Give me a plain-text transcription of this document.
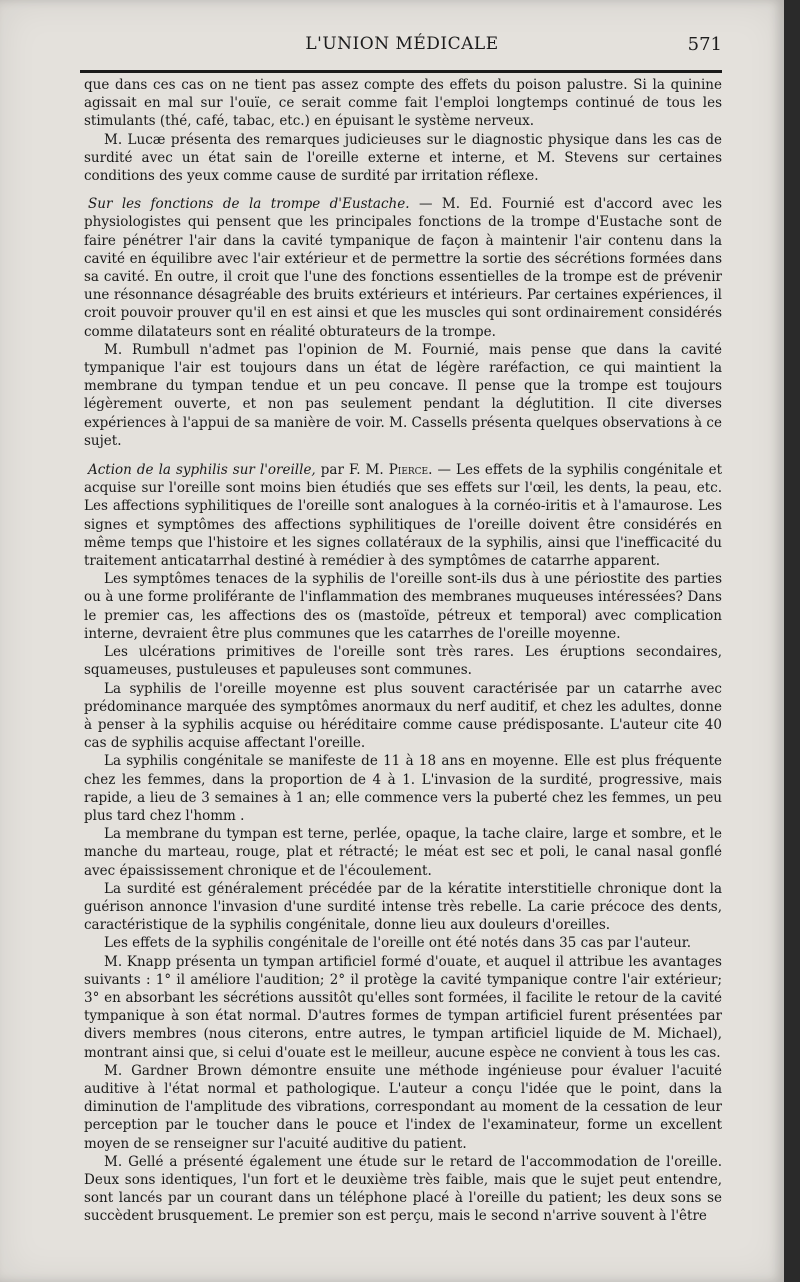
L'UNION MÉDICALE	571

que dans ces cas on ne tient pas assez compte des effets du poison palustre. Si la quinine agissait en mal sur l'ouïe, ce serait comme fait l'emploi longtemps continué de tous les stimulants (thé, café, tabac, etc.) en épuisant le système nerveux.

M. Lucæ présenta des remarques judicieuses sur le diagnostic physique dans les cas de surdité avec un état sain de l'oreille externe et interne, et M. Stevens sur certaines conditions des yeux comme cause de surdité par irritation réflexe.

Sur les fonctions de la trompe d'Eustache. — M. Ed. Fournié est d'accord avec les physiologistes qui pensent que les principales fonctions de la trompe d'Eustache sont de faire pénétrer l'air dans la cavité tympanique de façon à maintenir l'air contenu dans la cavité en équilibre avec l'air extérieur et de permettre la sortie des sécrétions formées dans sa cavité. En outre, il croit que l'une des fonctions essentielles de la trompe est de prévenir une résonnance désagréable des bruits extérieurs et intérieurs. Par certaines expériences, il croit pouvoir prouver qu'il en est ainsi et que les muscles qui sont ordinairement considérés comme dilatateurs sont en réalité obturateurs de la trompe.

M. Rumbull n'admet pas l'opinion de M. Fournié, mais pense que dans la cavité tympanique l'air est toujours dans un état de légère raréfaction, ce qui maintient la membrane du tympan tendue et un peu concave. Il pense que la trompe est toujours légèrement ouverte, et non pas seulement pendant la déglutition. Il cite diverses expériences à l'appui de sa manière de voir. M. Cassells présenta quelques observations à ce sujet.

Action de la syphilis sur l'oreille, par F. M. Pierce. — Les effets de la syphilis congénitale et acquise sur l'oreille sont moins bien étudiés que ses effets sur l'œil, les dents, la peau, etc. Les affections syphilitiques de l'oreille sont analogues à la cornéo-iritis et à l'amaurose. Les signes et symptômes des affections syphilitiques de l'oreille doivent être considérés en même temps que l'histoire et les signes collatéraux de la syphilis, ainsi que l'inefficacité du traitement anticatarrhal destiné à remédier à des symptômes de catarrhe apparent.

Les symptômes tenaces de la syphilis de l'oreille sont-ils dus à une périostite des parties ou à une forme proliférante de l'inflammation des membranes muqueuses intéressées? Dans le premier cas, les affections des os (mastoïde, pétreux et temporal) avec complication interne, devraient être plus communes que les catarrhes de l'oreille moyenne.

Les ulcérations primitives de l'oreille sont très rares. Les éruptions secondaires, squameuses, pustuleuses et papuleuses sont communes.

La syphilis de l'oreille moyenne est plus souvent caractérisée par un catarrhe avec prédominance marquée des symptômes anormaux du nerf auditif, et chez les adultes, donne à penser à la syphilis acquise ou héréditaire comme cause prédisposante. L'auteur cite 40 cas de syphilis acquise affectant l'oreille.

La syphilis congénitale se manifeste de 11 à 18 ans en moyenne. Elle est plus fréquente chez les femmes, dans la proportion de 4 à 1. L'invasion de la surdité, progressive, mais rapide, a lieu de 3 semaines à 1 an; elle commence vers la puberté chez les femmes, un peu plus tard chez l'homm .

La membrane du tympan est terne, perlée, opaque, la tache claire, large et sombre, et le manche du marteau, rouge, plat et rétracté; le méat est sec et poli, le canal nasal gonflé avec épaississement chronique et de l'écoulement.

La surdité est généralement précédée par de la kératite interstitielle chronique dont la guérison annonce l'invasion d'une surdité intense très rebelle. La carie précoce des dents, caractéristique de la syphilis congénitale, donne lieu aux douleurs d'oreilles.

Les effets de la syphilis congénitale de l'oreille ont été notés dans 35 cas par l'auteur.

M. Knapp présenta un tympan artificiel formé d'ouate, et auquel il attribue les avantages suivants : 1° il améliore l'audition; 2° il protège la cavité tympanique contre l'air extérieur; 3° en absorbant les sécrétions aussitôt qu'elles sont formées, il facilite le retour de la cavité tympanique à son état normal. D'autres formes de tympan artificiel furent présentées par divers membres (nous citerons, entre autres, le tympan artificiel liquide de M. Michael), montrant ainsi que, si celui d'ouate est le meilleur, aucune espèce ne convient à tous les cas.

M. Gardner Brown démontre ensuite une méthode ingénieuse pour évaluer l'acuité auditive à l'état normal et pathologique. L'auteur a conçu l'idée que le point, dans la diminution de l'amplitude des vibrations, correspondant au moment de la cessation de leur perception par le toucher dans le pouce et l'index de l'examinateur, forme un excellent moyen de se renseigner sur l'acuité auditive du patient.

M. Gellé a présenté également une étude sur le retard de l'accommodation de l'oreille. Deux sons identiques, l'un fort et le deuxième très faible, mais que le sujet peut entendre, sont lancés par un courant dans un téléphone placé à l'oreille du patient; les deux sons se succèdent brusquement. Le premier son est perçu, mais le second n'arrive souvent à l'être
